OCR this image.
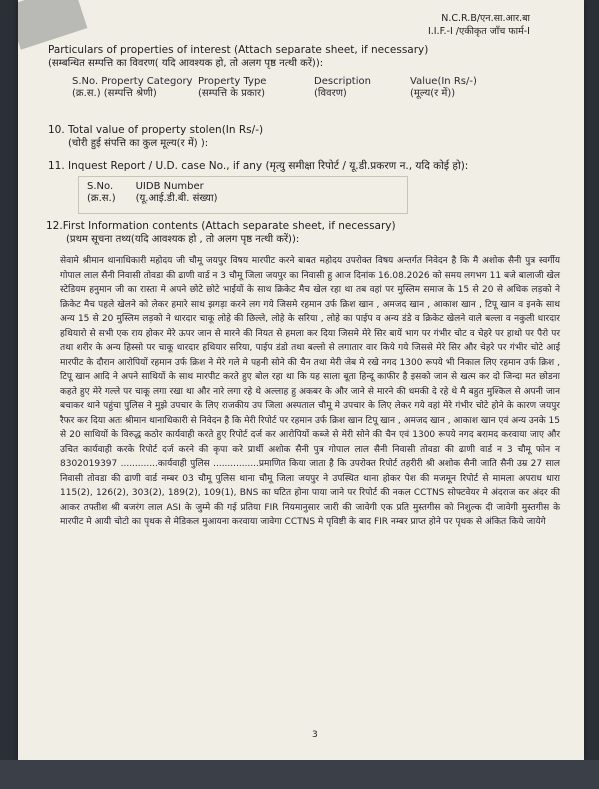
N.C.R.B/एन.सा.आर.बा
I.I.F.-I /एकीकृत जाँच फार्म-I
Particulars of properties of interest (Attach separate sheet, if necessary)
(सम्बन्धित सम्पत्ति का विवरण( यदि आवश्यक हो, तो अलग पृष्ठ नत्थी करें)):
S.No. Property Category
(क्र.स.) (सम्पत्ति श्रेणी)
Property Type
(सम्पत्ति के प्रकार)
Description
(विवरण)
Value(In Rs/-)
(मूल्य(र में))
10. Total value of property stolen(In Rs/-)
(चोरी हुई संपत्ति का कुल मूल्य(र में) ):
11. Inquest Report / U.D. case No., if any (मृत्यु समीक्षा रिपोर्ट / यू.डी.प्रकरण न., यदि कोई हो):
S.No.
(क्र.स.)
UIDB Number
(यू.आई.डी.बी. संख्या)
12.First Information contents (Attach separate sheet, if necessary)
(प्रथम सूचना तथ्य(यदि आवश्यक हो , तो अलग पृष्ठ नत्थी करें)):
सेवामे श्रीमान थानाधिकारी महोदय जी चौमू जयपुर विषय मारपीट करने बाबत महोदय उपरोक्त विषय अन्तर्गत निवेदन है कि मै अशोक सैनी पुत्र स्वर्गीय गोपाल लाल सैनी निवासी तोवडा की ढाणी वार्ड न 3 चौमू जिला जयपुर का निवासी हु आज दिनांक 16.08.2026 को समय लगभग 11 बजे बालाजी खेल स्टेडियम हनुमान जी का रास्ता मे अपने छोटे छोटे भाईयों के साथ क्रिकेट मैच खेल रहा था तब वहां पर मुस्लिम समाज के 15 से 20 से अधिक लड़को ने क्रिकेट मैच पहले खेलने को लेकर हमारे साथ झगड़ा करने लग गये जिसमे रहमान उर्फ क्रिश खान , अमजद खान , आकाश खान , टिपू खान व इनके साथ अन्य 15 से 20 मुस्लिम लड़को ने धारदार चाकू लोहे की छिल्ले, लोहे के सरिया , लोहे का पाईप व अन्य डंडे व क्रिकेट खेलने वाले बल्ला व नकुली धारदार हथियारो से सभी एक राय होकर मेरे ऊपर जान से मारने की नियत से हमला कर दिया जिसमे मेरे सिर बायें भाग पर गंभीर चोट व चेहरे पर हाथो पर पैरो पर तथा शरीर के अन्य हिस्सो पर चाकू धारदार हथियार सरिया, पाईप डंडो तथा बल्लो से लगातार वार किये गये जिससे मेरे सिर और चेहरे पर गंभीर चोटे आई मारपीट के दौरान आरोपियों रहमान उर्फ क्रिश ने मेरे गले मे पहनी सोने की चैन तथा मेरी जेब मे रखे नगद 1300 रूपये भी निकाल लिए रहमान उर्फ क्रिश , टिपू खान आदि ने अपने साथियों के साथ मारपीट करते हुए बोल रहा था कि यह साला बूता हिन्दू काफीर है इसको जान से खत्म कर दो जिन्दा मत छोडना कहते हुए मेरे गल्ले पर चाकू लगा रखा था और नारे लगा रहे थे अल्लाह हु अकबर के और जाने से मारने की धमकी दे रहे थे मै बहुत मुश्किल से अपनी जान बचाकर थाने पहुंचा पुलिस ने मुझे उपचार के लिए राजकीय उप जिला अस्पताल चौमू मे उपचार के लिए लेकर गये वहां मेरे गंभीर चोटे होने के कारण जयपुर रैफर कर दिया अतः श्रीमान थानाधिकारी से निवेदन है कि मेरी रिपोर्ट पर रहमान उर्फ क्रिश खान टिपू खान , अमजद खान , आकाश खान एवं अन्य उनके 15 से 20 साथियों के विरुद्ध कठोर कार्यवाही करते हुए रिपोर्ट दर्ज कर आरोपियों कब्जे से मेरी सोने की चैन एवं 1300 रूपये नगद बरामद करवाया जाए और उचित कार्यवाही करके रिपोर्ट दर्ज करने की कृपा करे प्रार्थी अशोक सैनी पुत्र गोपाल लाल सैनी निवासी तोवडा की ढाणी वार्ड न 3 चौमू फोन न 8302019397 .............कार्यवाही पुलिस ................प्रमाणित किया जाता है कि उपरोक्त रिपोर्ट तहरीरी श्री अशोक सैनी जाति सैनी उम्र 27 साल निवासी तोवडा की ढाणी वार्ड नम्बर 03 चौमू पुलिस थाना चौमू जिला जयपुर ने उपस्थित थाना होकर पेश की मजमून रिपोर्ट से मामला अपराध धारा 115(2), 126(2), 303(2), 189(2), 109(1), BNS का घटित होना पाया जाने पर रिपोर्ट की नकल CCTNS सोफ्टवेयर मे अंदराज कर अंदर की आकर तफ्तीश श्री बजरंग लाल ASI के जुम्मे की गई प्रतिया FIR नियमानुसार जारी की जावेगी एक प्रति मुस्तगीस को निशुल्क दी जावेगी मुस्तगीस के मारपीट मे आयी चोटो का पृथक से मेडिकल मुआयना करवाया जावेगा CCTNS मे पृविष्टी के बाद FIR नम्बर प्राप्त होने पर पृथक से अंकित किये जायेगे
3
